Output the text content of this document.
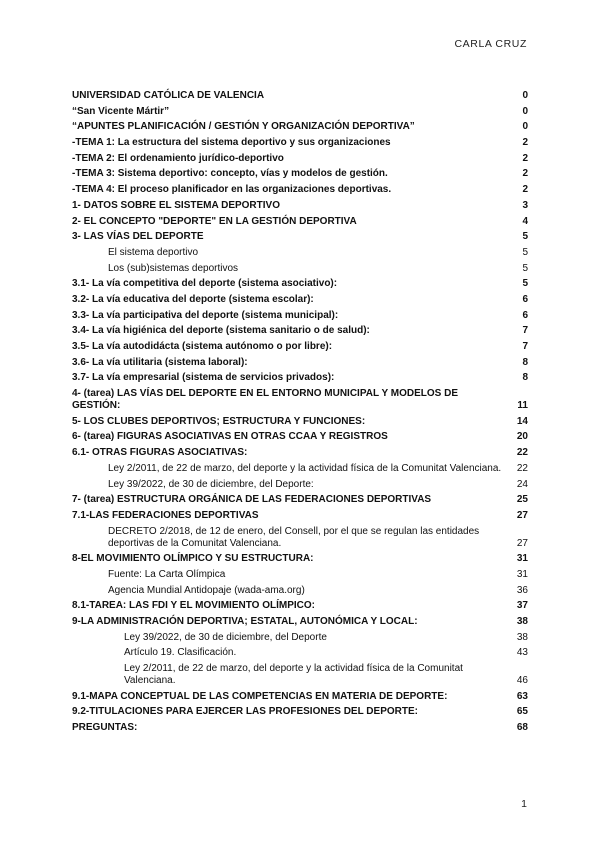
CARLA CRUZ
UNIVERSIDAD CATÓLICA DE VALENCIA	0
“San Vicente Mártir”	0
“APUNTES PLANIFICACIÓN / GESTIÓN Y ORGANIZACIÓN DEPORTIVA”	0
-TEMA 1: La estructura del sistema deportivo y sus organizaciones	2
-TEMA 2: El ordenamiento jurídico-deportivo	2
-TEMA 3: Sistema deportivo: concepto, vías y modelos de gestión.	2
-TEMA 4: El proceso planificador en las organizaciones deportivas.	2
1- DATOS SOBRE EL SISTEMA DEPORTIVO	3
2- EL CONCEPTO "DEPORTE" EN LA GESTIÓN DEPORTIVA	4
3- LAS VÍAS DEL DEPORTE	5
El sistema deportivo	5
Los (sub)sistemas deportivos	5
3.1- La vía competitiva del deporte (sistema asociativo):	5
3.2- La vía educativa del deporte (sistema escolar):	6
3.3- La vía participativa del deporte (sistema municipal):	6
3.4- La vía higiénica del deporte (sistema sanitario o de salud):	7
3.5- La vía autodidácta (sistema autónomo o por libre):	7
3.6- La vía utilitaria (sistema laboral):	8
3.7- La vía empresarial (sistema de servicios privados):	8
4- (tarea) LAS VÍAS DEL DEPORTE EN EL ENTORNO MUNICIPAL Y MODELOS DE GESTIÓN:	11
5- LOS CLUBES DEPORTIVOS; ESTRUCTURA Y FUNCIONES:	14
6- (tarea) FIGURAS ASOCIATIVAS EN OTRAS CCAA Y REGISTROS	20
6.1- OTRAS FIGURAS ASOCIATIVAS:	22
Ley 2/2011, de 22 de marzo, del deporte y la actividad física de la Comunitat Valenciana.	22
Ley 39/2022, de 30 de diciembre, del Deporte:	24
7- (tarea) ESTRUCTURA ORGÁNICA DE LAS FEDERACIONES DEPORTIVAS	25
7.1-LAS FEDERACIONES DEPORTIVAS	27
DECRETO 2/2018, de 12 de enero, del Consell, por el que se regulan las entidades deportivas de la Comunitat Valenciana.	27
8-EL MOVIMIENTO OLÍMPICO Y SU ESTRUCTURA:	31
Fuente: La Carta Olímpica	31
Agencia Mundial Antidopaje (wada-ama.org)	36
8.1-TAREA: LAS FDI Y EL MOVIMIENTO OLÍMPICO:	37
9-LA ADMINISTRACIÓN DEPORTIVA; ESTATAL, AUTONÓMICA Y LOCAL:	38
Ley 39/2022, de 30 de diciembre, del Deporte	38
Artículo 19. Clasificación.	43
Ley 2/2011, de 22 de marzo, del deporte y la actividad física de la Comunitat Valenciana.	46
9.1-MAPA CONCEPTUAL DE LAS COMPETENCIAS EN MATERIA DE DEPORTE:	63
9.2-TITULACIONES PARA EJERCER LAS PROFESIONES DEL DEPORTE:	65
PREGUNTAS:	68
1
